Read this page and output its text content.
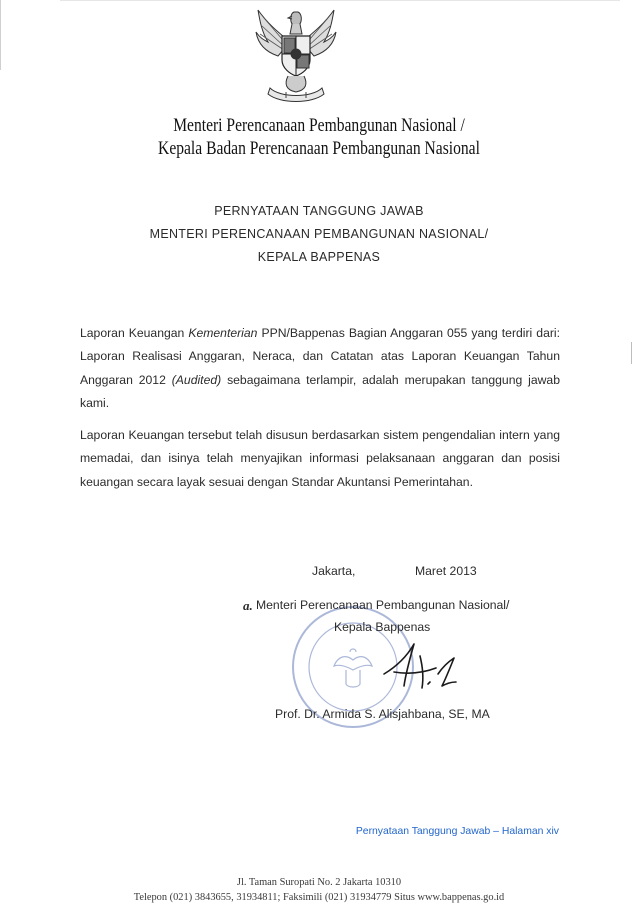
Menteri Perencanaan Pembangunan Nasional /
Kepala Badan Perencanaan Pembangunan Nasional
PERNYATAAN TANGGUNG JAWAB
MENTERI PERENCANAAN PEMBANGUNAN NASIONAL/
KEPALA BAPPENAS

Laporan Keuangan Kementerian PPN/Bappenas Bagian Anggaran 055 yang terdiri dari: Laporan Realisasi Anggaran, Neraca, dan Catatan atas Laporan Keuangan Tahun Anggaran 2012 (Audited) sebagaimana terlampir, adalah merupakan tanggung jawab kami.

Laporan Keuangan tersebut telah disusun berdasarkan sistem pengendalian intern yang memadai, dan isinya telah menyajikan informasi pelaksanaan anggaran dan posisi keuangan secara layak sesuai dengan Standar Akuntansi Pemerintahan.

Jakarta,	Maret 2013
a. Menteri Perencanaan Pembangunan Nasional/
Kepala Bappenas
Prof. Dr. Armida S. Alisjahbana, SE, MA
Pernyataan Tanggung Jawab – Halaman xiv
Jl. Taman Suropati No. 2 Jakarta 10310
Telepon (021) 3843655, 31934811; Faksimili (021) 31934779 Situs www.bappenas.go.id
